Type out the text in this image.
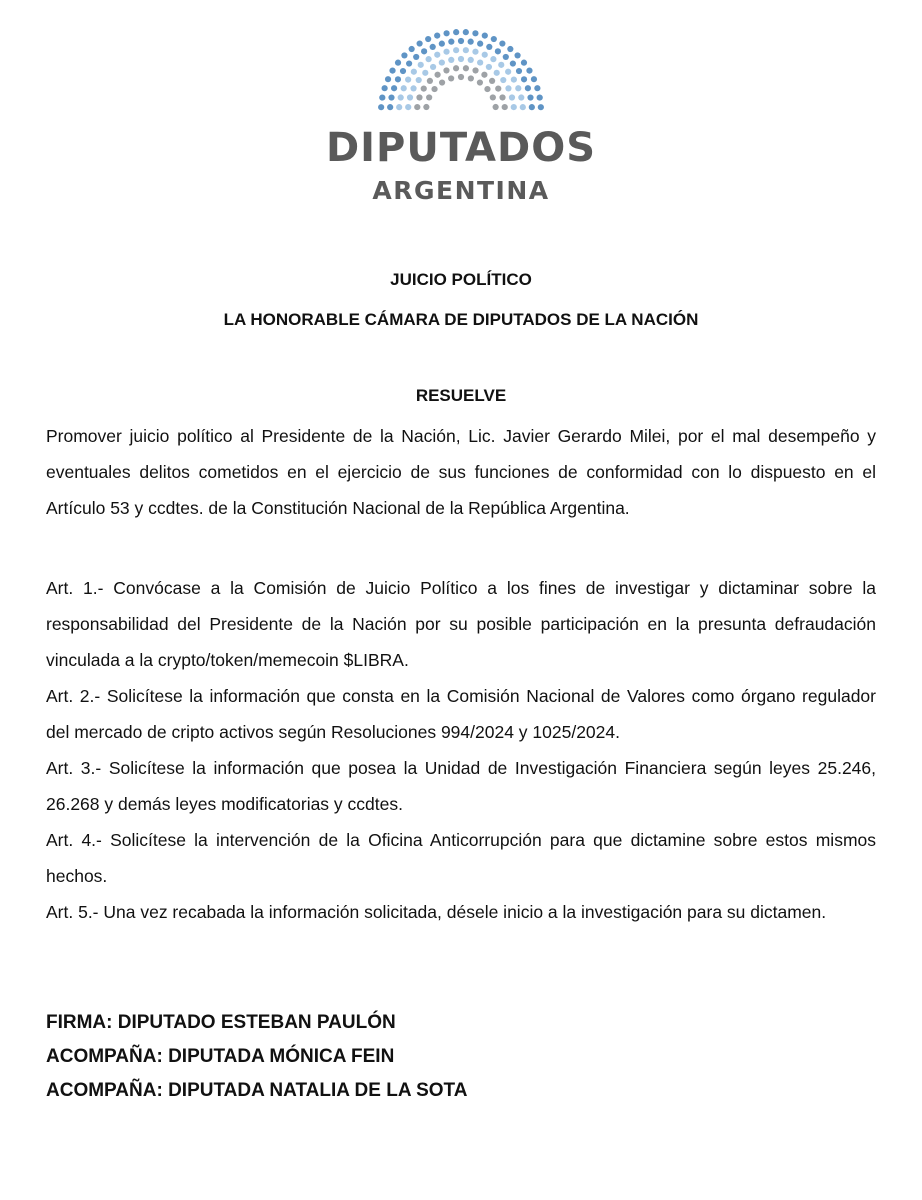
DIPUTADOS
ARGENTINA
JUICIO POLÍTICO
LA HONORABLE CÁMARA DE DIPUTADOS DE LA NACIÓN
RESUELVE

Promover juicio político al Presidente de la Nación, Lic. Javier Gerardo Milei, por el mal desempeño y eventuales delitos cometidos en el ejercicio de sus funciones de conformidad con lo dispuesto en el Artículo 53 y ccdtes. de la Constitución Nacional de la República Argentina.

Art. 1.- Convócase a la Comisión de Juicio Político a los fines de investigar y dictaminar sobre la responsabilidad del Presidente de la Nación por su posible participación en la presunta defraudación vinculada a la crypto/token/memecoin $LIBRA.

Art. 2.- Solicítese la información que consta en la Comisión Nacional de Valores como órgano regulador del mercado de cripto activos según Resoluciones 994/2024 y 1025/2024.

Art. 3.- Solicítese la información que posea la Unidad de Investigación Financiera según leyes 25.246, 26.268 y demás leyes modificatorias y ccdtes.

Art. 4.- Solicítese la intervención de la Oficina Anticorrupción para que dictamine sobre estos mismos hechos.

Art. 5.- Una vez recabada la información solicitada, désele inicio a la investigación para su dictamen.

FIRMA: DIPUTADO ESTEBAN PAULÓN
ACOMPAÑA: DIPUTADA MÓNICA FEIN
ACOMPAÑA: DIPUTADA NATALIA DE LA SOTA
